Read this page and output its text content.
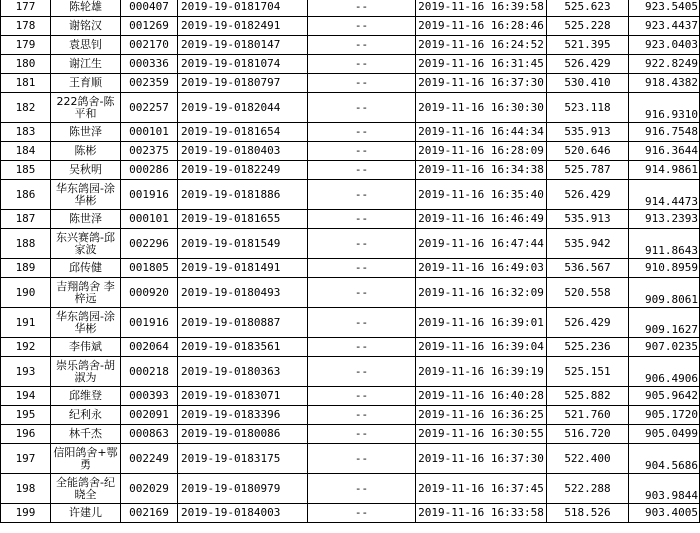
177	陈轮雄	000407	2019-19-0181704	--	2019-11-16 16:39:58	525.623	923.5405
178	谢铭汉	001269	2019-19-0182491	--	2019-11-16 16:28:46	525.228	923.4437
179	袁思钊	002170	2019-19-0180147	--	2019-11-16 16:24:52	521.395	923.0403
180	谢江生	000336	2019-19-0181074	--	2019-11-16 16:31:45	526.429	922.8249
181	王育顺	002359	2019-19-0180797	--	2019-11-16 16:37:30	530.410	918.4382
182	222鸽舍-陈平和	002257	2019-19-0182044	--	2019-11-16 16:30:30	523.118	916.9310
183	陈世泽	000101	2019-19-0181654	--	2019-11-16 16:44:34	535.913	916.7548
184	陈彬	002375	2019-19-0180403	--	2019-11-16 16:28:09	520.646	916.3644
185	吴秋明	000286	2019-19-0182249	--	2019-11-16 16:34:38	525.787	914.9861
186	华东鸽园-涂华彬	001916	2019-19-0181886	--	2019-11-16 16:35:40	526.429	914.4473
187	陈世泽	000101	2019-19-0181655	--	2019-11-16 16:46:49	535.913	913.2393
188	东兴赛鸽-邱家波	002296	2019-19-0181549	--	2019-11-16 16:47:44	535.942	911.8643
189	邱传健	001805	2019-19-0181491	--	2019-11-16 16:49:03	536.567	910.8959
190	吉翔鸽舍 李梓远	000920	2019-19-0180493	--	2019-11-16 16:32:09	520.558	909.8061
191	华东鸽园-涂华彬	001916	2019-19-0180887	--	2019-11-16 16:39:01	526.429	909.1627
192	李伟斌	002064	2019-19-0183561	--	2019-11-16 16:39:04	525.236	907.0235
193	崇乐鸽舍-胡淑为	000218	2019-19-0180363	--	2019-11-16 16:39:19	525.151	906.4906
194	邱维登	000393	2019-19-0183071	--	2019-11-16 16:40:28	525.882	905.9642
195	纪利永	002091	2019-19-0183396	--	2019-11-16 16:36:25	521.760	905.1720
196	林千杰	000863	2019-19-0180086	--	2019-11-16 16:30:55	516.720	905.0499
197	信阳鸽舍+鄂勇	002249	2019-19-0183175	--	2019-11-16 16:37:30	522.400	904.5686
198	全能鸽舍-纪晓全	002029	2019-19-0180979	--	2019-11-16 16:37:45	522.288	903.9844
199	许建儿	002169	2019-19-0184003	--	2019-11-16 16:33:58	518.526	903.4005
